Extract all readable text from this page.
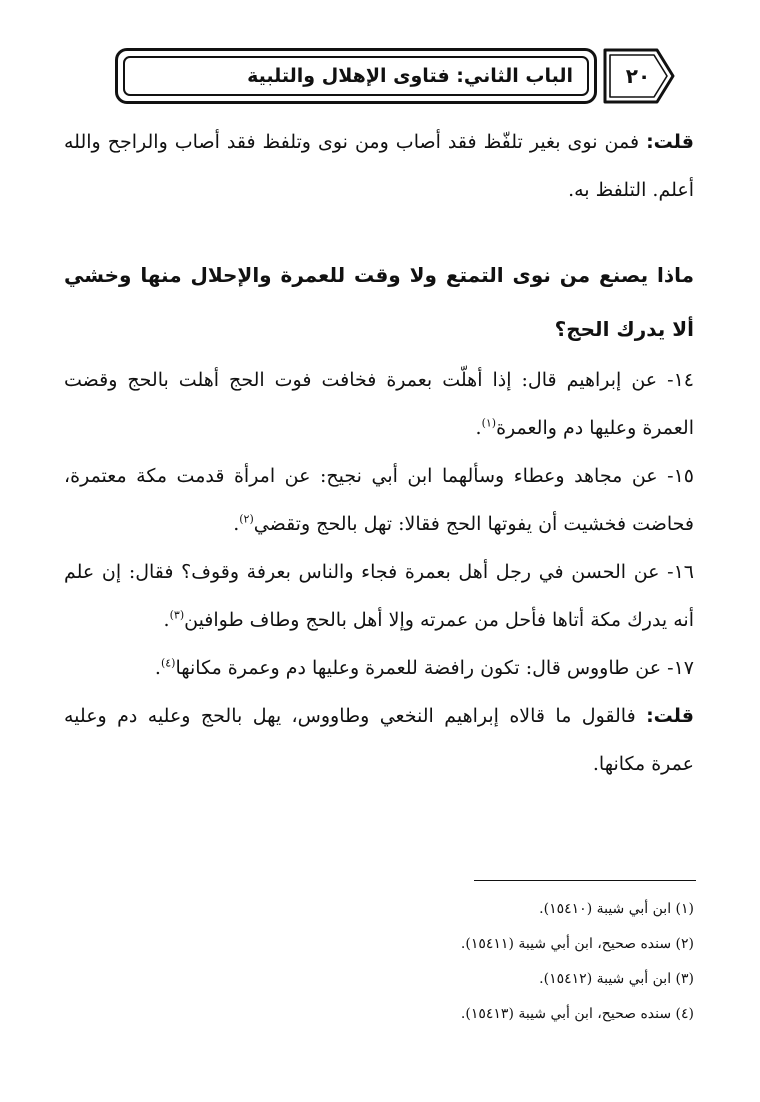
الباب الثاني: فتاوى الإهلال والتلبية	٢٠

قلت: فمن نوى بغير تلفّظ فقد أصاب ومن نوى وتلفظ فقد أصاب والراجح والله أعلم. التلفظ به.

ماذا يصنع من نوى التمتع ولا وقت للعمرة والإحلال منها وخشي ألا يدرك الحج؟

١٤- عن إبراهيم قال: إذا أهلّت بعمرة فخافت فوت الحج أهلت بالحج وقضت العمرة وعليها دم والعمرة$^{(١)}$.

١٥- عن مجاهد وعطاء وسألهما ابن أبي نجيح: عن امرأة قدمت مكة معتمرة، فحاضت فخشيت أن يفوتها الحج فقالا: تهل بالحج وتقضي$^{(٢)}$.

١٦- عن الحسن في رجل أهل بعمرة فجاء والناس بعرفة وقوف؟ فقال: إن علم أنه يدرك مكة أتاها فأحل من عمرته وإلا أهل بالحج وطاف طوافين$^{(٣)}$.

١٧- عن طاووس قال: تكون رافضة للعمرة وعليها دم وعمرة مكانها$^{(٤)}$.

قلت: فالقول ما قالاه إبراهيم النخعي وطاووس، يهل بالحج وعليه دم وعليه عمرة مكانها.

(١) ابن أبي شيبة (١٥٤١٠).

(٢) سنده صحيح، ابن أبي شيبة (١٥٤١١).

(٣) ابن أبي شيبة (١٥٤١٢).

(٤) سنده صحيح، ابن أبي شيبة (١٥٤١٣).
